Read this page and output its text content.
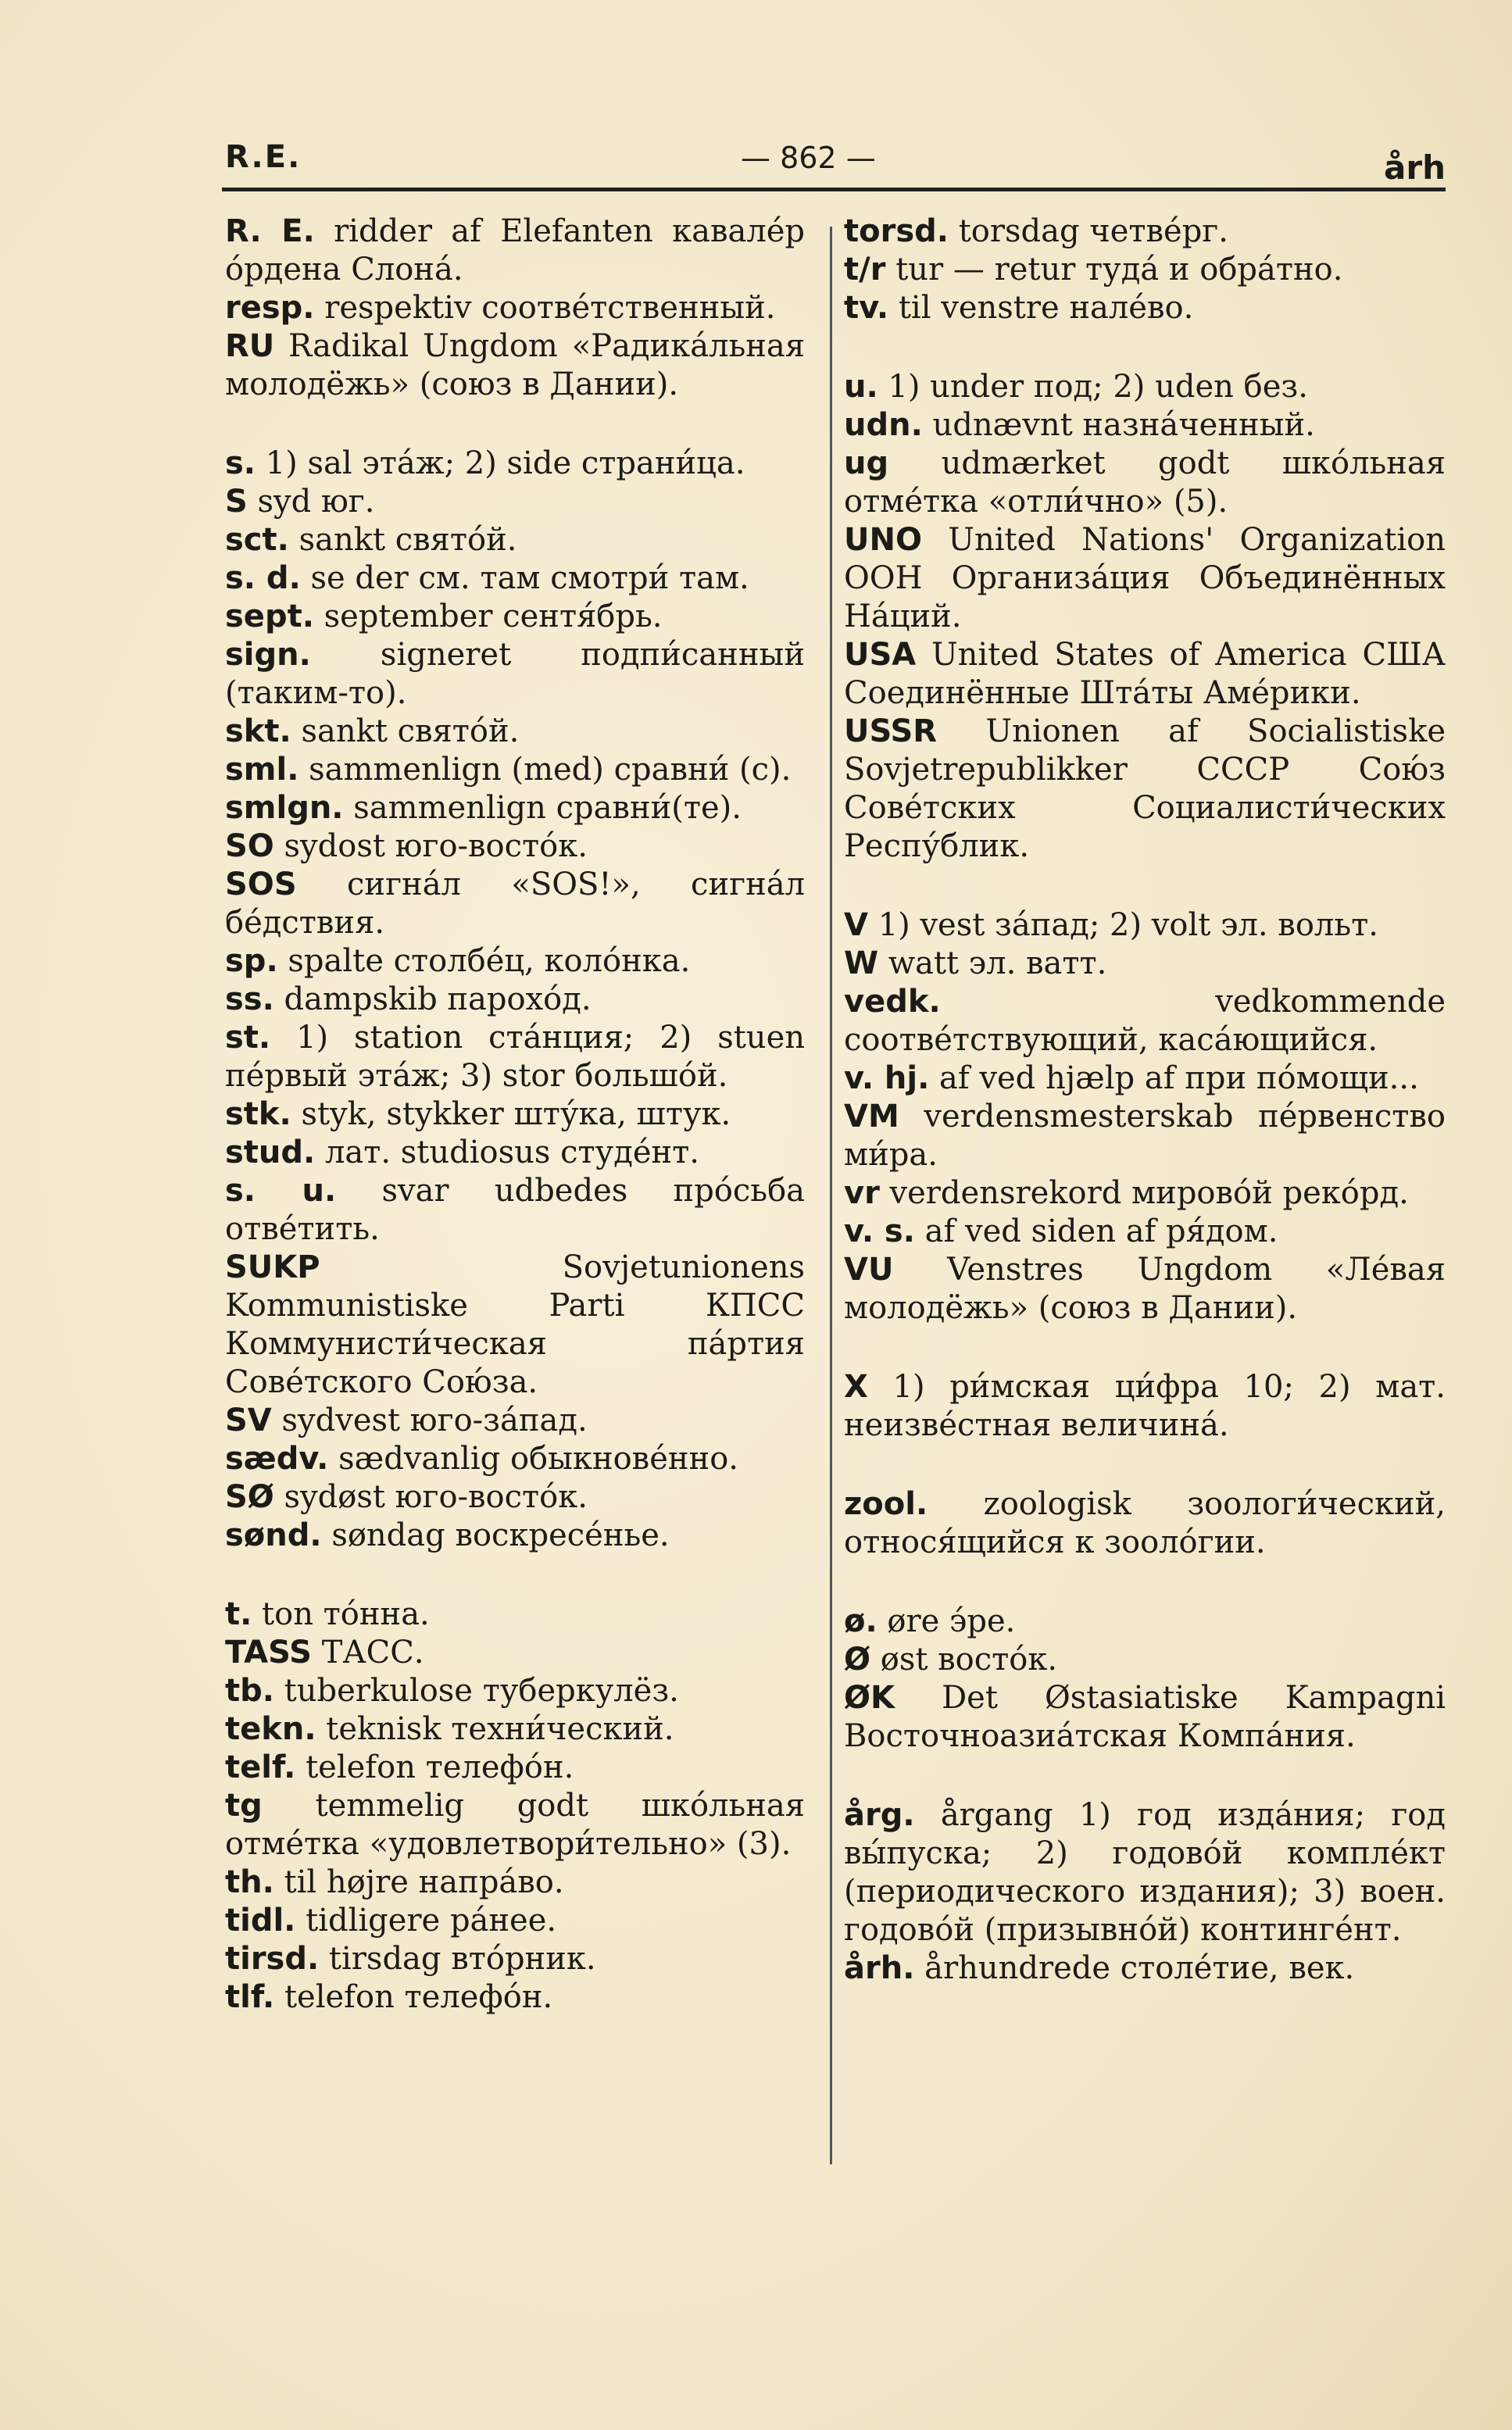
R.E.	— 862 —	årh

R. E. ridder af Elefanten кавале́р о́рдена Слона́.

resp. respektiv соотве́тственный.

RU Radikal Ungdom «Радика́льная молодёжь» (союз в Дании).

s. 1) sal эта́ж; 2) side страни́ца.

S syd юг.

sct. sankt свято́й.

s. d. se der см. там смотри́ там.

sept. september сентя́брь.

sign. signeret подпи́санный (таким-то).

skt. sankt свято́й.

sml. sammenlign (med) сравни́ (с).

smlgn. sammenlign сравни́(те).

SO sydost юго-восто́к.

SOS сигна́л «SOS!», сигна́л бе́дствия.

sp. spalte столбе́ц, коло́нка.

ss. dampskib парохо́д.

st. 1) station ста́нция; 2) stuen пе́рвый эта́ж; 3) stor большо́й.

stk. styk, stykker шту́ка, штук.

stud. лат. studiosus студе́нт.

s. u. svar udbedes про́сьба отве́тить.

SUKP	Sovjetunionens Kommunistiske Parti КПСС Коммунисти́ческая па́ртия Сове́тского Сою́за.

SV sydvest юго-за́пад.

sædv. sædvanlig обыкнове́нно.

SØ sydøst юго-восто́к.

sønd. søndag воскресе́нье.

t. ton то́нна.

TASS ТАСС.

tb. tuberkulose туберкулёз.

tekn. teknisk техни́ческий.

telf. telefon телефо́н.

tg temmelig godt шко́льная отме́тка «удовлетвори́тельно» (3).

th. til højre напра́во.

tidl. tidligere ра́нее.

tirsd. tirsdag вто́рник.

tlf. telefon телефо́н.

torsd. torsdag четве́рг.

t/r tur — retur туда́ и обра́тно.

tv. til venstre нале́во.

u. 1) under под; 2) uden без.

udn. udnævnt назна́ченный.

ug udmærket godt шко́льная отме́тка «отли́чно» (5).

UNO United Nations' Organization ООН Организа́ция Объединённых На́ций.

USA United States of America США Соединённые Шта́ты Аме́рики.

USSR Unionen af Socialistiske Sovjetrepublikker СССР Сою́з Сове́тских Социалисти́ческих Респу́блик.

V 1) vest за́пад; 2) volt эл. вольт.

W watt эл. ватт.

vedk.	vedkommende соотве́тствующий, каса́ющийся.

v. hj. af ved hjælp af при по́мощи...

VM verdensmesterskab пе́рвенство ми́ра.

vr verdensrekord мирово́й реко́рд.

v. s. af ved siden af ря́дом.

VU Venstres Ungdom «Ле́вая молодёжь» (союз в Дании).

X 1) ри́мская ци́фра 10; 2) мат. неизве́стная величина́.

zool. zoologisk зоологи́ческий, относя́щийся к зооло́гии.

ø. øre э́ре.

Ø øst восто́к.

ØK Det Østasiatiske Kampagni Восточноазиа́тская Компа́ния.

årg. årgang 1) год изда́ния; год вы́пуска; 2) годово́й компле́кт (периодического издания); 3) воен. годово́й (призывно́й) континге́нт.

årh. århundrede столе́тие, век.
